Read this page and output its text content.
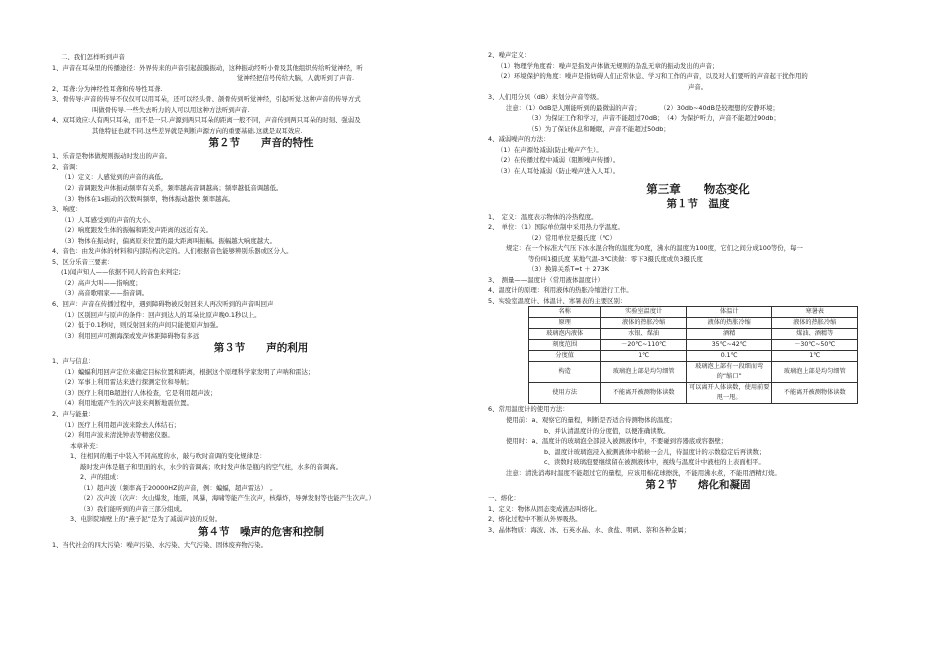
二、我们怎样听到声音
1、声音在耳朵里的传播途径：外界传来的声音引起鼓膜振动，这种振动经听小骨及其他组织传给听觉神经，听
觉神经把信号传给大脑，人就听到了声音.
2、耳聋:分为神经性耳聋和传导性耳聋.
3、骨传导:声音的传导不仅仅可以用耳朵，还可以经头骨、颌骨传到听觉神经，引起听觉.这种声音的传导方式
叫做骨传导.一些失去听力的人可以用这种方法听到声音.
4、双耳效应:人有两只耳朵，而不是一只.声源到两只耳朵的距离一般不同，声音传到两只耳朵的时刻、强弱及
其他特征也就不同.这些差异就是判断声源方向的重要基础.这就是双耳效应.
第２节　　声音的特性
1、乐音是物体做规则振动时发出的声音。
2、音调：
（1）定义：人感觉到的声音的高低。
（2）音调跟发声体振动频率有关系，频率越高音调越高；频率越低音调越低。
（3）物体在1s振动的次数叫频率，物体振动越快 频率越高。
3、响度：
（1）人耳感受到的声音的大小。
（2）响度跟发生体的振幅和距发声距离的远近有关。
（3）物体在振动时，偏离原来位置的最大距离叫振幅。振幅越大响度越大。
4、音色：由发声体的材料和内部结构决定的。人们根据音色能够辨别乐器或区分人。
5、区分乐音三要素：
(1)闻声知人——依据不同人的音色来判定;
（2）高声大叫——指响度；
（3）高音歌唱家——指音调。
6、回声：声音在传播过程中，遇到障碍物被反射回来人再次听到的声音叫回声
（1）区别回声与原声的条件：回声到达人的耳朵比原声晚0.1秒以上。
（2）低于0.1秒时，则反射回来的声间只能使原声加强。
（3）利用回声可测海深或发声体距障碍物有多远
第３节　　声的利用
1、声与信息：
（1）蝙蝠利用回声定位来确定目标位置和距离，根据这个原理科学家发明了声呐和雷达；
（2）军事上利用雷达来进行探测定位和导航；
（3）医疗上利用B超进行人体检查，它是利用超声波；
（4）利用地震产生的次声波来判断地震位置。
2、声与能量：
（1）医疗上利用超声波来除去人体结石；
（2）利用声波来清洗钟表等精密仪器。
本章补充：
1、往相同的瓶子中装入不同高度的水，敲与吹时音调的变化规律是：
敲时发声体是瓶子和里面的水，水少的音调高；吹时发声体是瓶内的空气柱，水多的音调高。
2、声的组成：
（1）超声波（频率高于20000HZ的声音，例：蝙蝠，超声雷达）　。
（2）次声波（次声：火山爆发，地震，风暴，海啸等能产生次声，核爆炸，导弹发射等也能产生次声。）
（3）我们能听到的声音三部分组成。
3、电影院墙壁上的“燕子泥”是为了减弱声波的反射。
第４节　噪声的危害和控制
1、当代社会的四大污染：噪声污染、水污染、大气污染、固体废弃物污染。
2、噪声定义：
（1）物理学角度看：噪声是指发声体做无规则的杂乱无章的振动发出的声音；
（2）环境保护的角度：噪声是指妨碍人们正常休息、学习和工作的声音，以及对人们要听的声音起干扰作用的
声音。
3、人们用分贝（dB）来划分声音等级。
注意：（1）0dB是人刚能听到的最微弱的声音；　　　　（2）30db~40dB是较理想的安静环境；
（3）为保证工作和学习，声音不能超过70dB；　（4）为保护听力，声音不能超过90db；
（5）为了保证休息和睡眠，声音不能超过50db；
4、减弱噪声的方法：
（1）在声源处减弱(防止噪声产生）。
（2）在传播过程中减弱（阻断噪声传播）。
（3）在人耳处减弱（防止噪声进入人耳）。
第三章　　物态变化
第１节　温度
1、　定义：温度表示物体的冷热程度。
2、　单位：（1）国际单位制中采用热力学温度。
（2）常用单位是摄氏度（℃）
规定：在一个标准大气压下冰水混合物的温度为0度，沸水的温度为100度，它们之间分成100等份，每一
等份叫1摄氏度 某地气温-3℃读做：零下3摄氏度或负3摄氏度
（3）换算关系T=t ＋ 273K
3、　测量——温度计（常用液体温度计）
4、温度计的原理：利用液体的热胀冷缩进行工作。
5、实验室温度计、体温计、寒暑表的主要区别：
名称	实验室温度计	体温计	寒暑表
原理	液体的热胀冷缩	液体的热胀冷缩	液体的热胀冷缩
玻璃泡内液体	水银、煤油	酒精	煤油、酒精等
刻度范围	－20℃~110℃	35℃~42℃	－30℃~50℃
分度值	1℃	0.1℃	1℃
构造	玻璃泡上部是均匀细管	玻璃泡上部有一段细而弯的“缩口”	玻璃泡上部是均匀细管
使用方法	不能离开被测物体读数	可以离开人体读数，使用前要甩一甩。	不能离开被测物体读数
6、常用温度计的使用方法：
使用前：a、观察它的量程，判断是否适合待测物体的温度；
b、并认清温度计的分度值，以便准确读数。
使用时：a、温度计的玻璃泡全部浸入被测液体中，不要碰到容器底或容器壁；
b、温度计玻璃泡浸入被测液体中稍候一会儿，待温度计的示数稳定后再读数；
c、读数时玻璃泡要继续留在被测液体中，视线与温度计中液柱的上表面相平。
注意：清洗消毒时温度不能超过它的量程，应该用棉花球擦洗，不能用沸水煮，不能用酒精灯烧。
第２节　　熔化和凝固
一、熔化：
1、定义：物体从固态变成液态叫熔化。
2、熔化过程中不断从外界吸热。
3、晶体物质：海波、冰、石英水晶、水、食盐、明矾、萘和各种金属；
